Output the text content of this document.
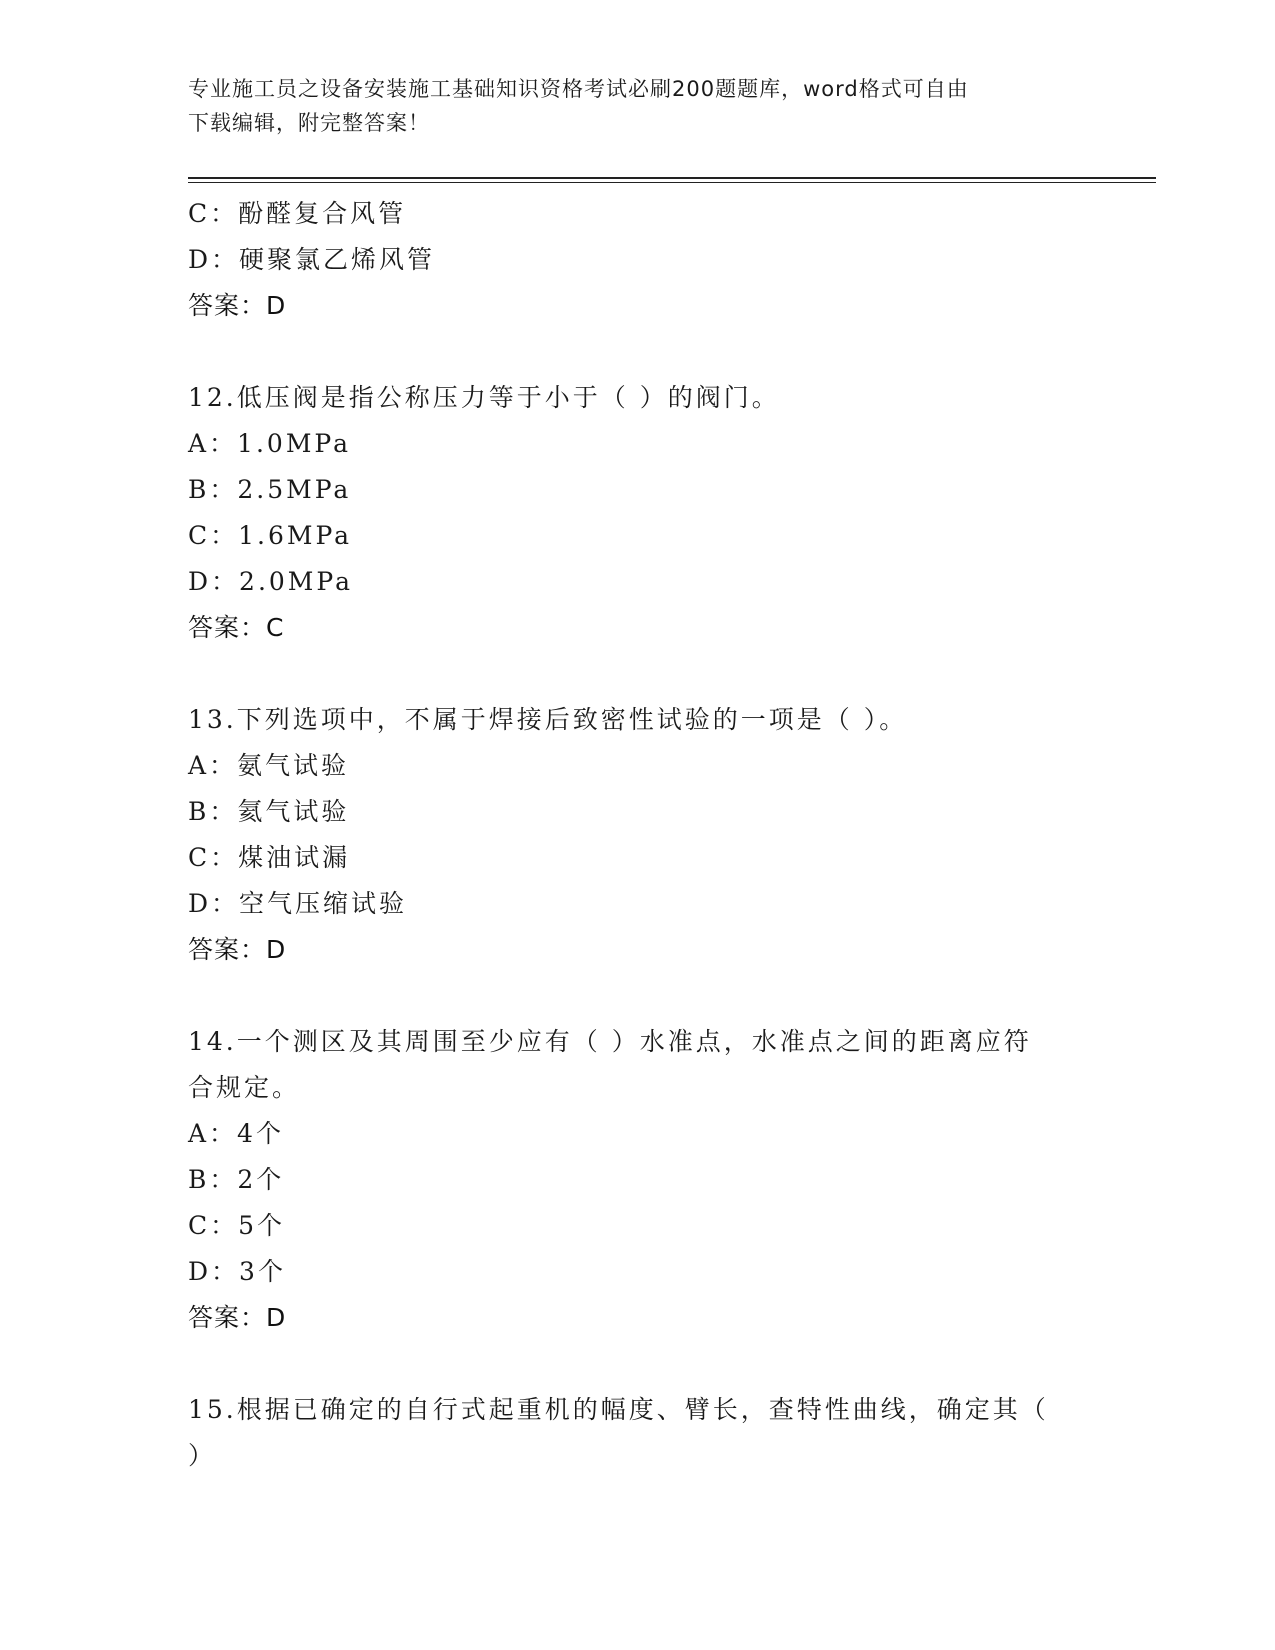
专业施工员之设备安装施工基础知识资格考试必刷200题题库，word格式可自由
下载编辑，附完整答案！
C：酚醛复合风管
D：硬聚氯乙烯风管
答案：D
12.低压阀是指公称压力等于小于（ ）的阀门。
A：1.0MPa
B：2.5MPa
C：1.6MPa
D：2.0MPa
答案：C
13.下列选项中，不属于焊接后致密性试验的一项是（ ）。
A：氨气试验
B：氦气试验
C：煤油试漏
D：空气压缩试验
答案：D
14.一个测区及其周围至少应有（ ）水准点，水准点之间的距离应符
合规定。
A：4个
B：2个
C：5个
D：3个
答案：D
15.根据已确定的自行式起重机的幅度、臂长，查特性曲线，确定其（
）
